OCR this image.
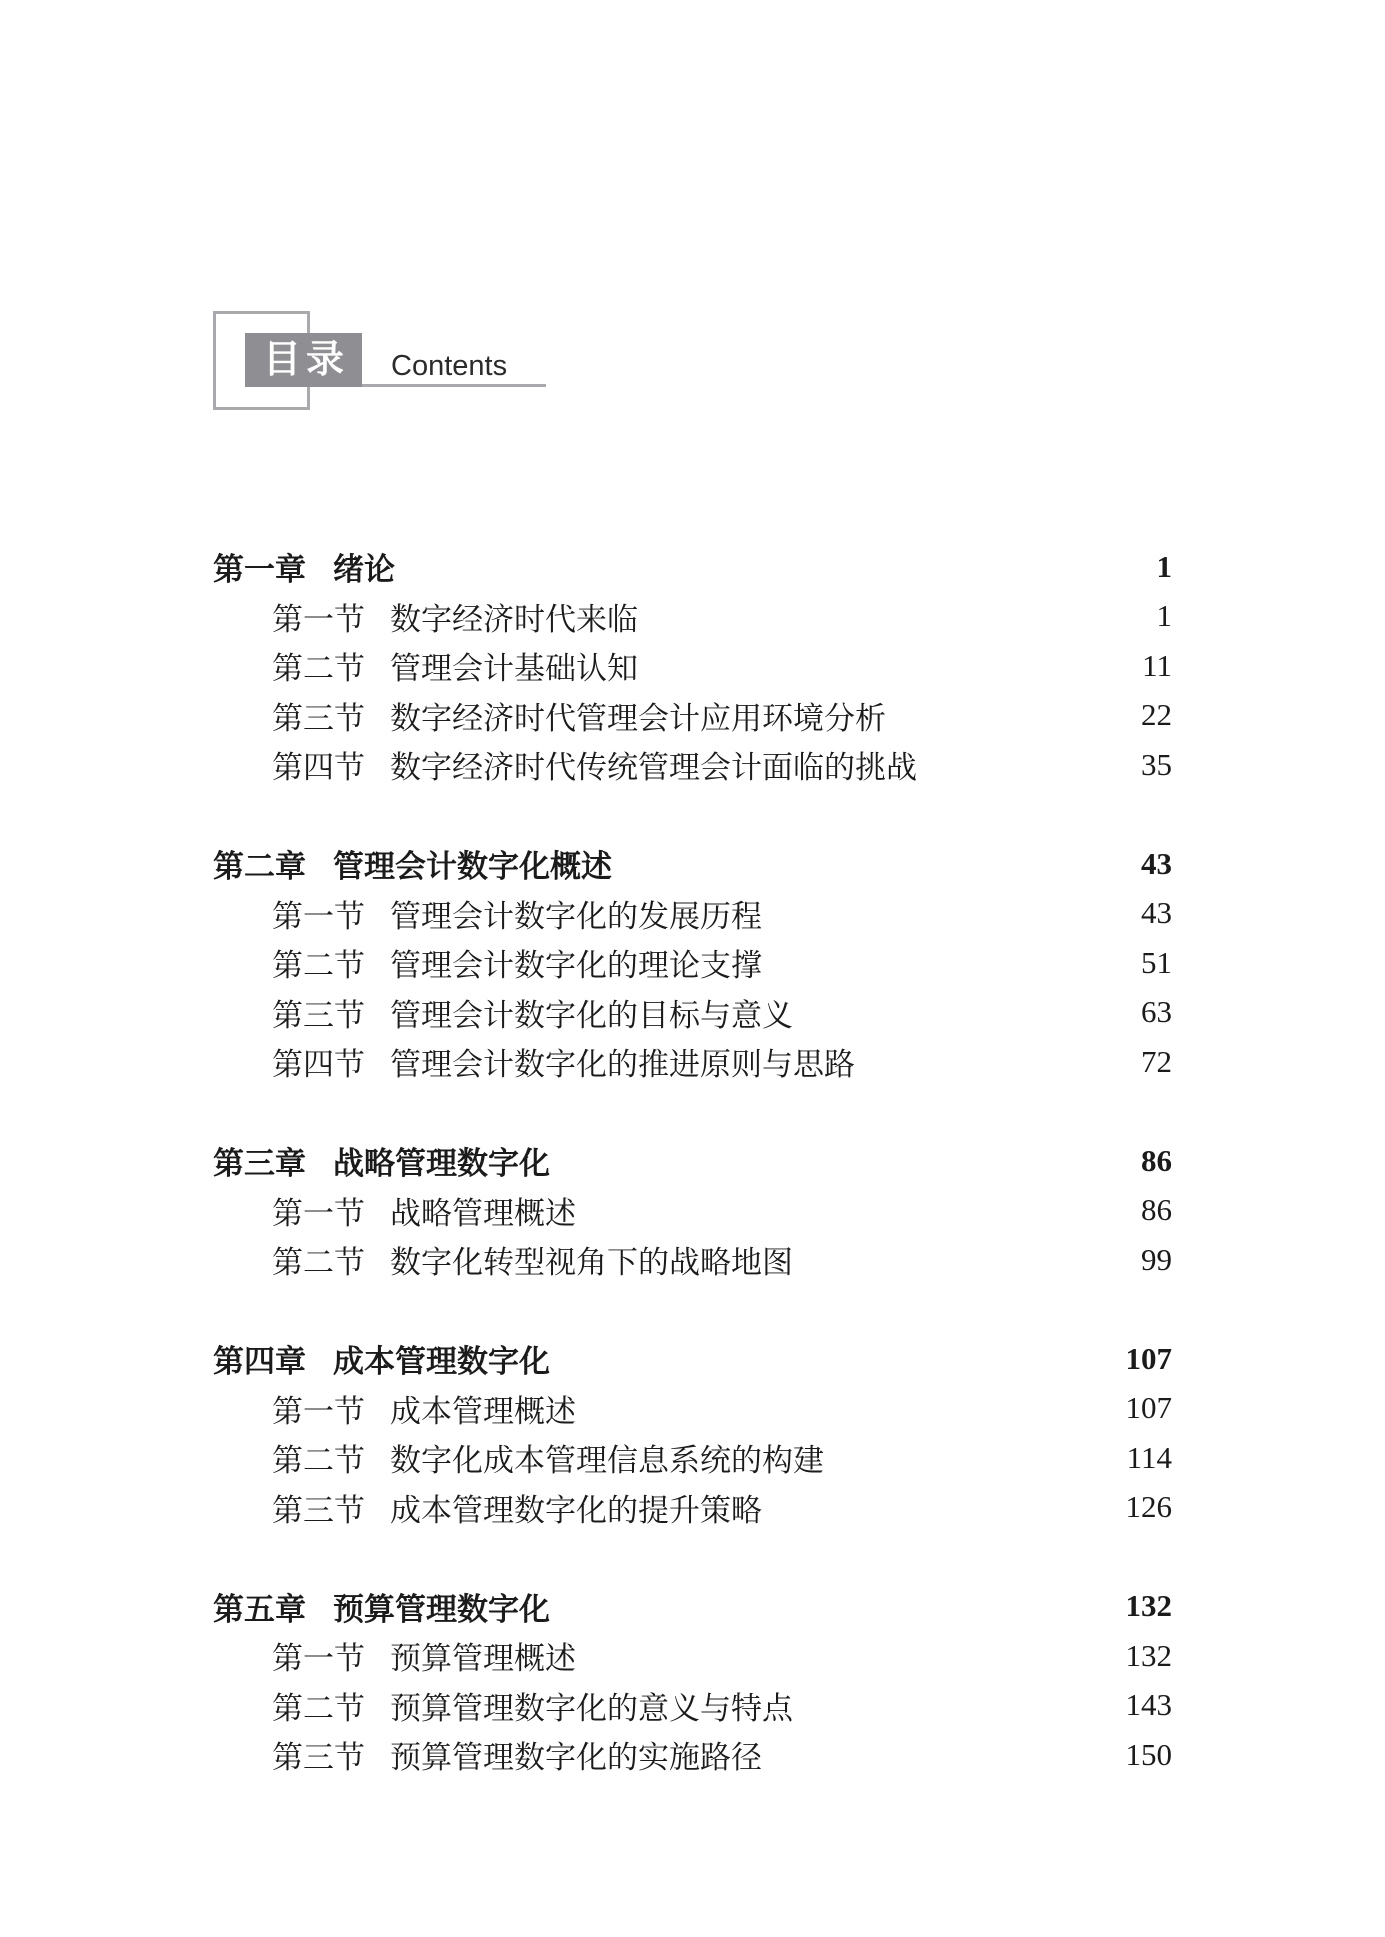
目录 Contents
第一章 绪论	1
第一节 数字经济时代来临	1
第二节 管理会计基础认知	11
第三节 数字经济时代管理会计应用环境分析	22
第四节 数字经济时代传统管理会计面临的挑战	35
第二章 管理会计数字化概述	43
第一节 管理会计数字化的发展历程	43
第二节 管理会计数字化的理论支撑	51
第三节 管理会计数字化的目标与意义	63
第四节 管理会计数字化的推进原则与思路	72
第三章 战略管理数字化	86
第一节 战略管理概述	86
第二节 数字化转型视角下的战略地图	99
第四章 成本管理数字化	107
第一节 成本管理概述	107
第二节 数字化成本管理信息系统的构建	114
第三节 成本管理数字化的提升策略	126
第五章 预算管理数字化	132
第一节 预算管理概述	132
第二节 预算管理数字化的意义与特点	143
第三节 预算管理数字化的实施路径	150
